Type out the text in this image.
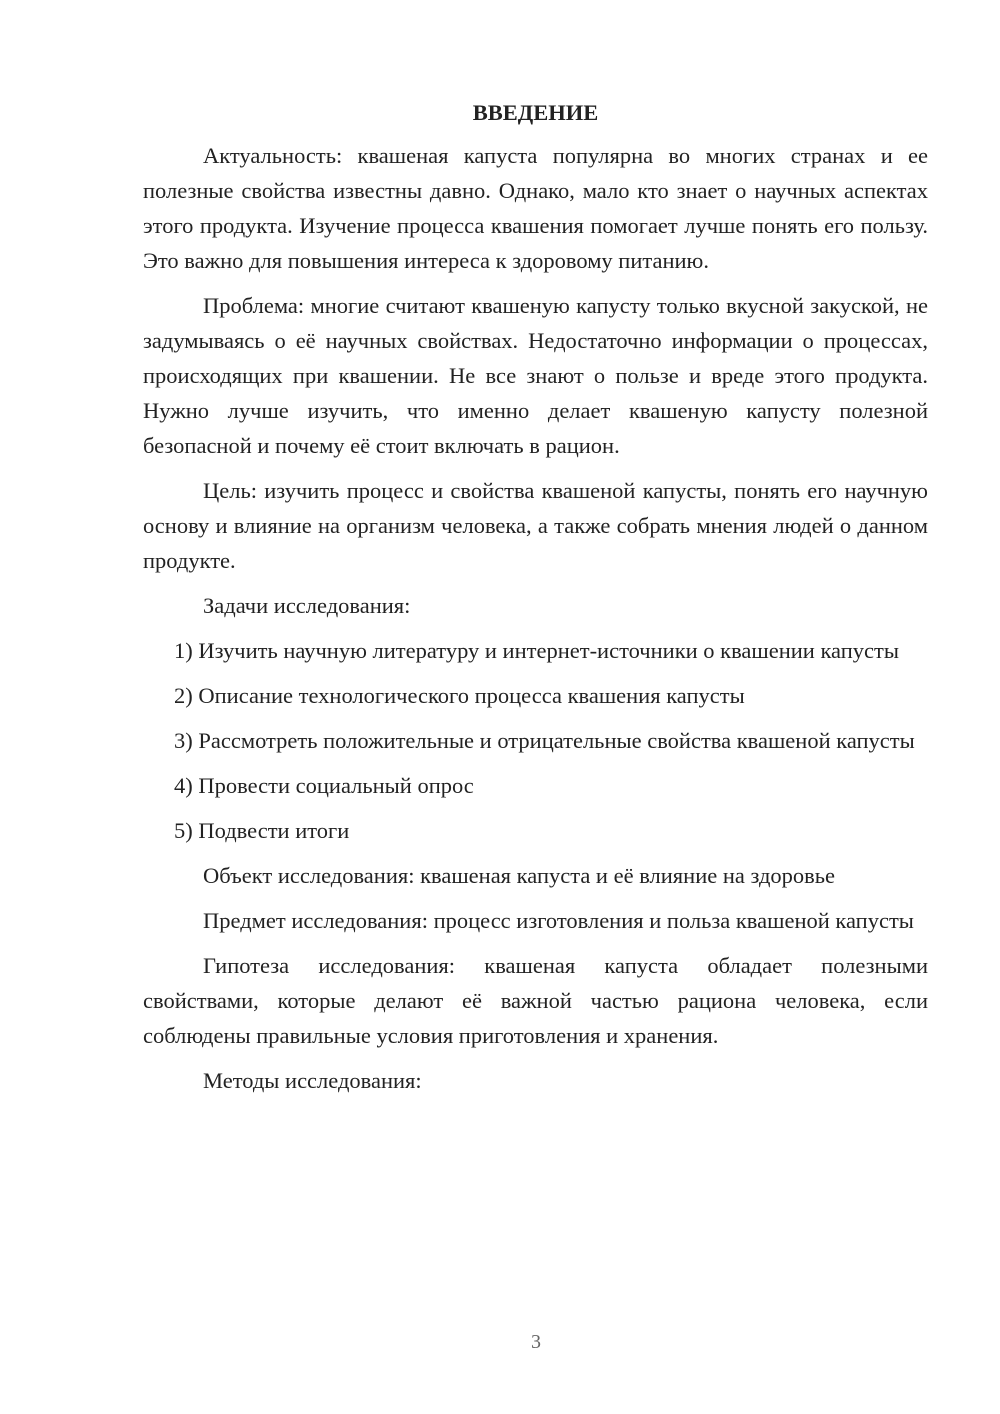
ВВЕДЕНИЕ

Актуальность: квашеная капуста популярна во многих странах и ее полезные свойства известны давно. Однако, мало кто знает о научных аспектах этого продукта. Изучение процесса квашения помогает лучше понять его пользу. Это важно для повышения интереса к здоровому питанию.

Проблема: многие считают квашеную капусту только вкусной закуской, не задумываясь о её научных свойствах. Недостаточно информации о процессах, происходящих при квашении. Не все знают о пользе и вреде этого продукта. Нужно лучше изучить, что именно делает квашеную капусту полезной безопасной и почему её стоит включать в рацион.

Цель: изучить процесс и свойства квашеной капусты, понять его научную основу и влияние на организм человека, а также собрать мнения людей о данном продукте.

Задачи исследования:

1) Изучить научную литературу и интернет-источники о квашении капусты

2) Описание технологического процесса квашения капусты

3) Рассмотреть положительные и отрицательные свойства квашеной капусты

4) Провести социальный опрос

5) Подвести итоги

Объект исследования: квашеная капуста и её влияние на здоровье

Предмет исследования: процесс изготовления и польза квашеной капусты

Гипотеза исследования: квашеная капуста обладает полезными свойствами, которые делают её важной частью рациона человека, если соблюдены правильные условия приготовления и хранения.

Методы исследования:

3
